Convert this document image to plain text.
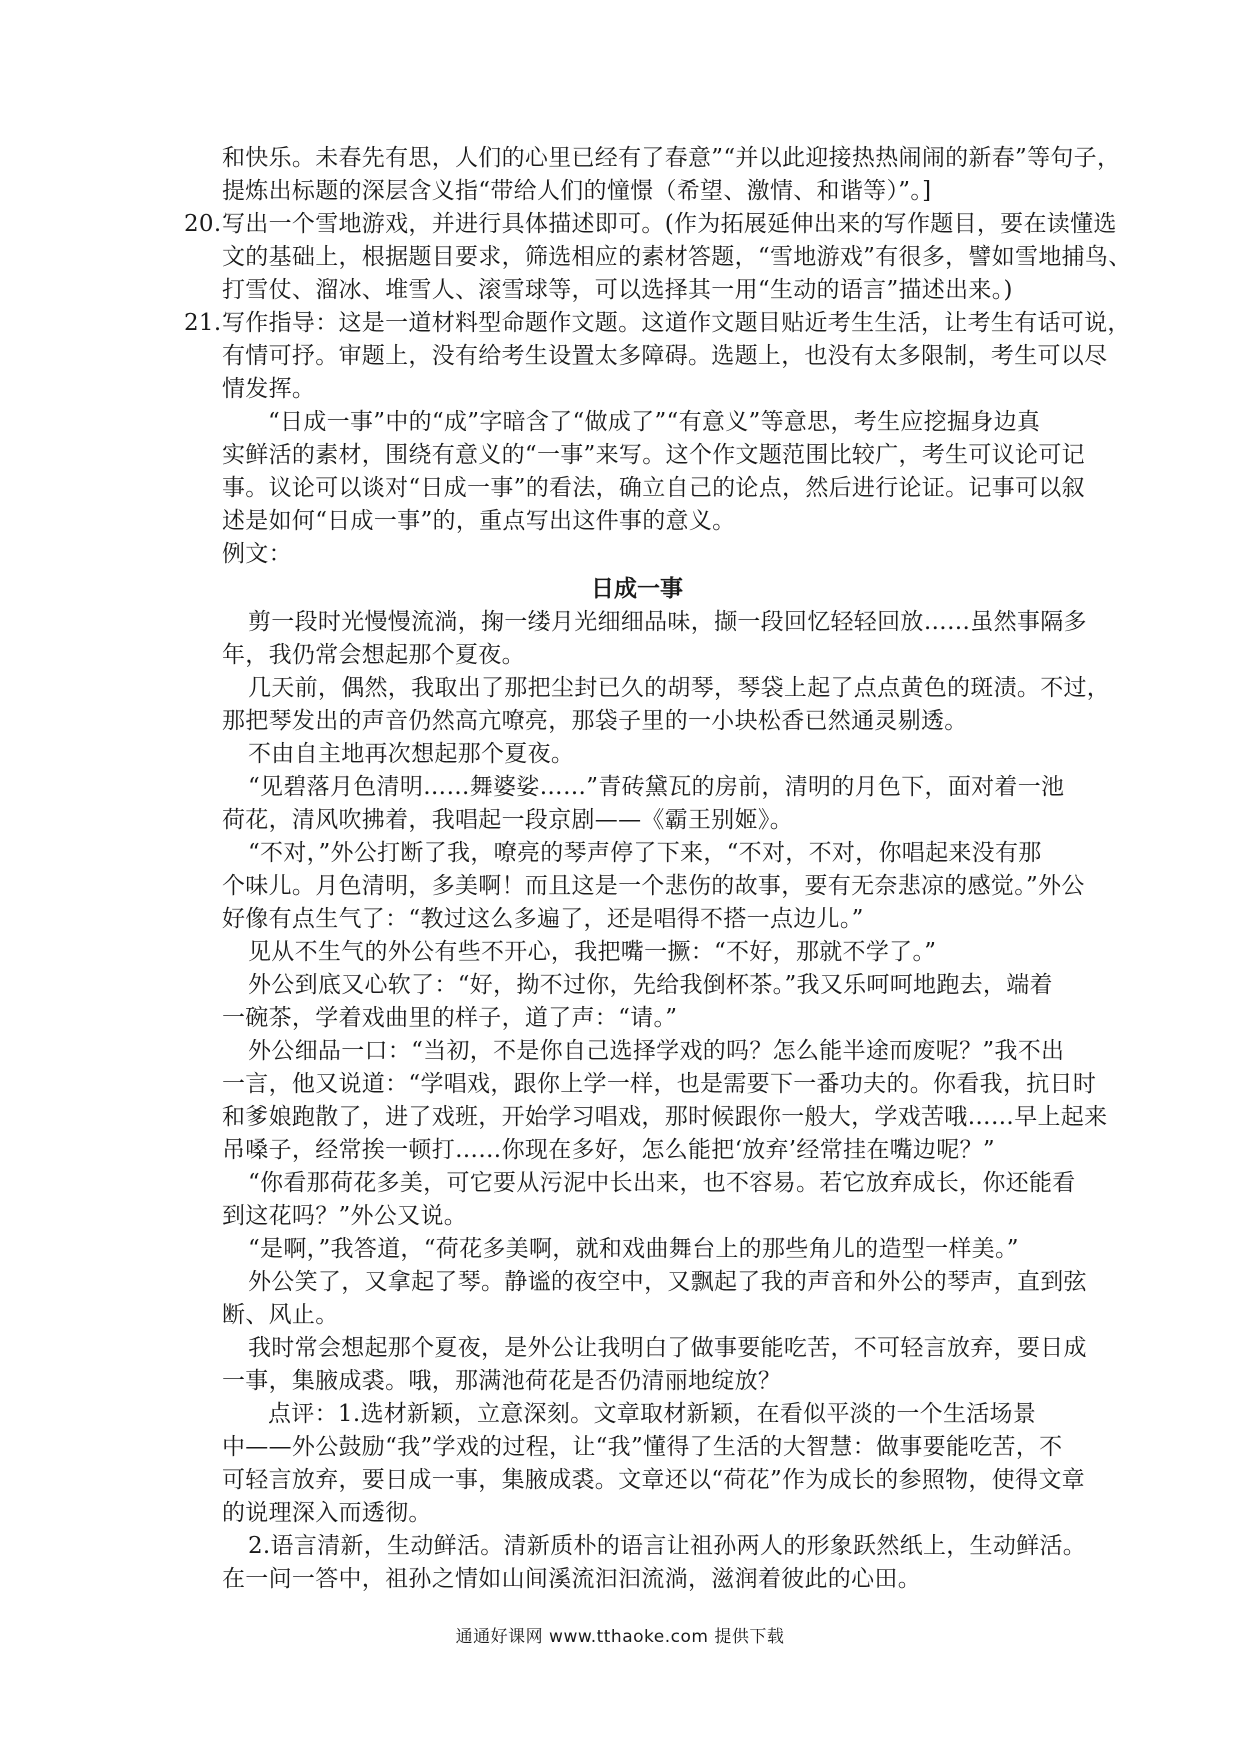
和快乐。未春先有思，人们的心里已经有了春意”“并以此迎接热热闹闹的新春”等句子，
提炼出标题的深层含义指“带给人们的憧憬（希望、激情、和谐等）”。]
20. 写出一个雪地游戏，并进行具体描述即可。(作为拓展延伸出来的写作题目，要在读懂选
文的基础上，根据题目要求，筛选相应的素材答题，“雪地游戏”有很多，譬如雪地捕鸟、
打雪仗、溜冰、堆雪人、滚雪球等，可以选择其一用“生动的语言”描述出来。)
21. 写作指导：这是一道材料型命题作文题。这道作文题目贴近考生生活，让考生有话可说，
有情可抒。审题上，没有给考生设置太多障碍。选题上，也没有太多限制，考生可以尽
情发挥。
“日成一事”中的“成”字暗含了“做成了”“有意义”等意思，考生应挖掘身边真
实鲜活的素材，围绕有意义的“一事”来写。这个作文题范围比较广，考生可议论可记
事。议论可以谈对“日成一事”的看法，确立自己的论点，然后进行论证。记事可以叙
述是如何“日成一事”的，重点写出这件事的意义。
例文：
日成一事
剪一段时光慢慢流淌，掬一缕月光细细品味，撷一段回忆轻轻回放……虽然事隔多
年，我仍常会想起那个夏夜。
几天前，偶然，我取出了那把尘封已久的胡琴，琴袋上起了点点黄色的斑渍。不过，
那把琴发出的声音仍然高亢嘹亮，那袋子里的一小块松香已然通灵剔透。
不由自主地再次想起那个夏夜。
“见碧落月色清明……舞婆娑……”青砖黛瓦的房前，清明的月色下，面对着一池
荷花，清风吹拂着，我唱起一段京剧——《霸王别姬》。
“不对，”外公打断了我，嘹亮的琴声停了下来，“不对，不对，你唱起来没有那
个味儿。月色清明，多美啊！而且这是一个悲伤的故事，要有无奈悲凉的感觉。”外公
好像有点生气了：“教过这么多遍了，还是唱得不搭一点边儿。”
见从不生气的外公有些不开心，我把嘴一撅：“不好，那就不学了。”
外公到底又心软了：“好，拗不过你，先给我倒杯茶。”我又乐呵呵地跑去，端着
一碗茶，学着戏曲里的样子，道了声：“请。”
外公细品一口：“当初，不是你自己选择学戏的吗？怎么能半途而废呢？”我不出
一言，他又说道：“学唱戏，跟你上学一样，也是需要下一番功夫的。你看我，抗日时
和爹娘跑散了，进了戏班，开始学习唱戏，那时候跟你一般大，学戏苦哦……早上起来
吊嗓子，经常挨一顿打……你现在多好，怎么能把‘放弃’经常挂在嘴边呢？”
“你看那荷花多美，可它要从污泥中长出来，也不容易。若它放弃成长，你还能看
到这花吗？”外公又说。
“是啊，”我答道，“荷花多美啊，就和戏曲舞台上的那些角儿的造型一样美。”
外公笑了，又拿起了琴。静谧的夜空中，又飘起了我的声音和外公的琴声，直到弦
断、风止。
我时常会想起那个夏夜，是外公让我明白了做事要能吃苦，不可轻言放弃，要日成
一事，集腋成裘。哦，那满池荷花是否仍清丽地绽放？
点评：1.选材新颖，立意深刻。文章取材新颖，在看似平淡的一个生活场景
中——外公鼓励“我”学戏的过程，让“我”懂得了生活的大智慧：做事要能吃苦，不
可轻言放弃，要日成一事，集腋成裘。文章还以“荷花”作为成长的参照物，使得文章
的说理深入而透彻。
2.语言清新，生动鲜活。清新质朴的语言让祖孙两人的形象跃然纸上，生动鲜活。
在一问一答中，祖孙之情如山间溪流汩汩流淌，滋润着彼此的心田。
通通好课网 www.tthaoke.com 提供下载
